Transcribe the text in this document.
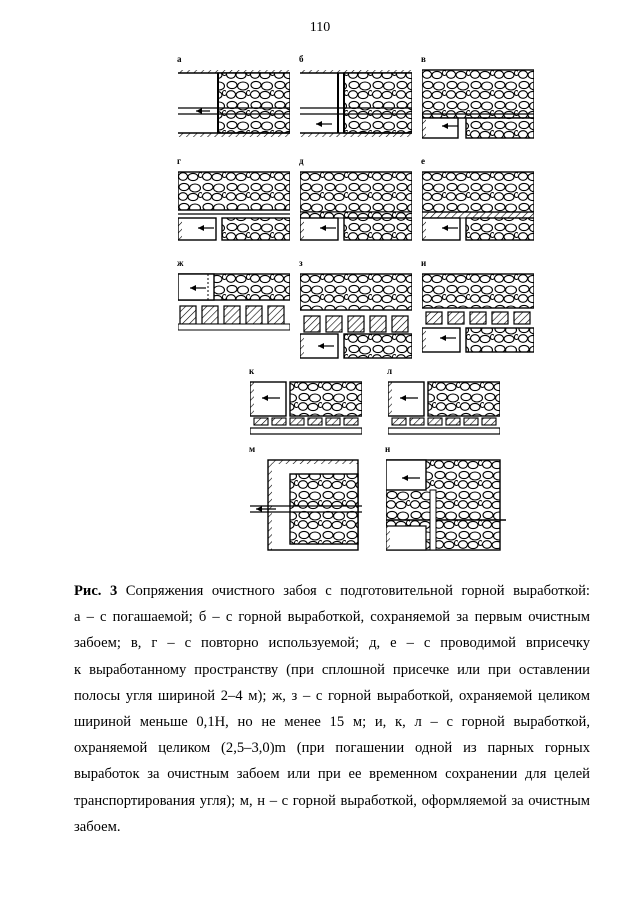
110
а	б	в
г	д	е
ж	з	и
к	л
м	н
Рис. 3 Сопряжения очистного забоя с подготовительной горной выработкой:
а – с погашаемой; б – с горной выработкой, сохраняемой за первым очистным
забоем; в, г – с повторно используемой; д, е – с проводимой вприсечку
к выработанному пространству (при сплошной присечке или при оставлении
полосы угля шириной 2–4 м); ж, з – с горной выработкой, охраняемой целиком
шириной меньше 0,1H, но не менее 15 м; и, к, л – с горной выработкой,
охраняемой целиком (2,5–3,0)m (при погашении одной из парных горных
выработок за очистным забоем или при ее временном сохранении для целей
транспортирования угля); м, н – с горной выработкой, оформляемой за очистным
забоем.
